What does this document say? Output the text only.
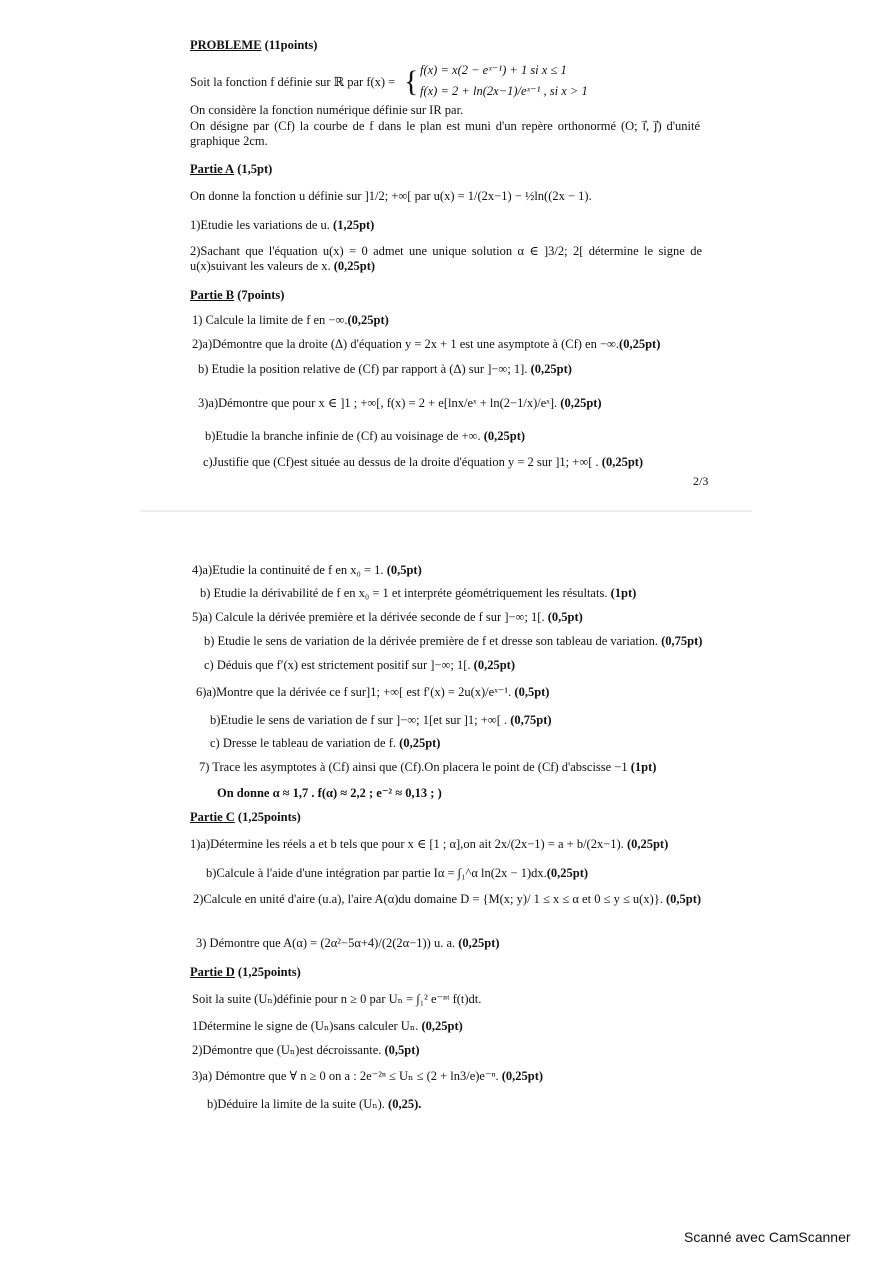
PROBLEME (11points)
Soit la fonction f définie sur ℝ par f(x) = { f(x) = x(2 − eˣ⁻¹) + 1 si x ≤ 1
f(x) = 2 + ln(2x−1)/eˣ⁻¹ , si x > 1
On considère la fonction numérique définie sur IR par.
On désigne par (Cf) la courbe de f dans le plan est muni d'un repère orthonormé (O; i⃗, j⃗) d'unité graphique 2cm.
Partie A (1,5pt)
On donne la fonction u définie sur ]1/2; +∞[ par u(x) = 1/(2x−1) − ½ln((2x − 1).
1)Etudie les variations de u. (1,25pt)
2)Sachant que l'équation u(x) = 0 admet une unique solution α ∈ ]3/2; 2[ détermine le signe de u(x)suivant les valeurs de x. (0,25pt)
Partie B (7points)
1) Calcule la limite de f en −∞.(0,25pt)
2)a)Démontre que la droite (Δ) d'équation y = 2x + 1 est une asymptote à (Cf) en −∞.(0,25pt)
b) Etudie la position relative de (Cf) par rapport à (Δ) sur ]−∞; 1]. (0,25pt)
3)a)Démontre que pour x ∈ ]1 ; +∞[, f(x) = 2 + e[lnx/eˣ + ln(2−1/x)/eˣ]. (0,25pt)
b)Etudie la branche infinie de (Cf) au voisinage de +∞. (0,25pt)
c)Justifie que (Cf)est située au dessus de la droite d'équation y = 2 sur ]1; +∞[ . (0,25pt)
2/3
4)a)Etudie la continuité de f en x₀ = 1. (0,5pt)
b) Etudie la dérivabilité de f en x₀ = 1 et interpréte géométriquement les résultats. (1pt)
5)a) Calcule la dérivée première et la dérivée seconde de f sur ]−∞; 1[. (0,5pt)
b) Etudie le sens de variation de la dérivée première de f et dresse son tableau de variation. (0,75pt)
c) Déduis que f′(x) est strictement positif sur ]−∞; 1[. (0,25pt)
6)a)Montre que la dérivée ce f sur]1; +∞[ est f′(x) = 2u(x)/eˣ⁻¹. (0,5pt)
b)Etudie le sens de variation de f sur ]−∞; 1[et sur ]1; +∞[ . (0,75pt)
c) Dresse le tableau de variation de f. (0,25pt)
7) Trace les asymptotes à (Cf) ainsi que (Cf).On placera le point de (Cf) d'abscisse −1 (1pt)
On donne α ≈ 1,7 . f(α) ≈ 2,2 ; e⁻² ≈ 0,13 ; )
Partie C (1,25points)
1)a)Détermine les réels a et b tels que pour x ∈ [1 ; α],on ait 2x/(2x−1) = a + b/(2x−1). (0,25pt)
b)Calcule à l'aide d'une intégration par partie Iα = ∫₁^α ln(2x − 1)dx.(0,25pt)
2)Calcule en unité d'aire (u.a), l'aire A(α)du domaine D = {M(x; y)/ 1 ≤ x ≤ α et 0 ≤ y ≤ u(x)}. (0,5pt)
3) Démontre que A(α) = (2α²−5α+4)/(2(2α−1)) u. a. (0,25pt)
Partie D (1,25points)
Soit la suite (Uₙ)définie pour n ≥ 0 par Uₙ = ∫₁² e⁻ⁿᵗ f(t)dt.
1Détermine le signe de (Uₙ)sans calculer Uₙ. (0,25pt)
2)Démontre que (Uₙ)est décroissante. (0,5pt)
3)a) Démontre que ∀ n ≥ 0 on a : 2e⁻²ⁿ ≤ Uₙ ≤ (2 + ln3/e)e⁻ⁿ. (0,25pt)
b)Déduire la limite de la suite (Uₙ). (0,25).
Scanné avec CamScanner
